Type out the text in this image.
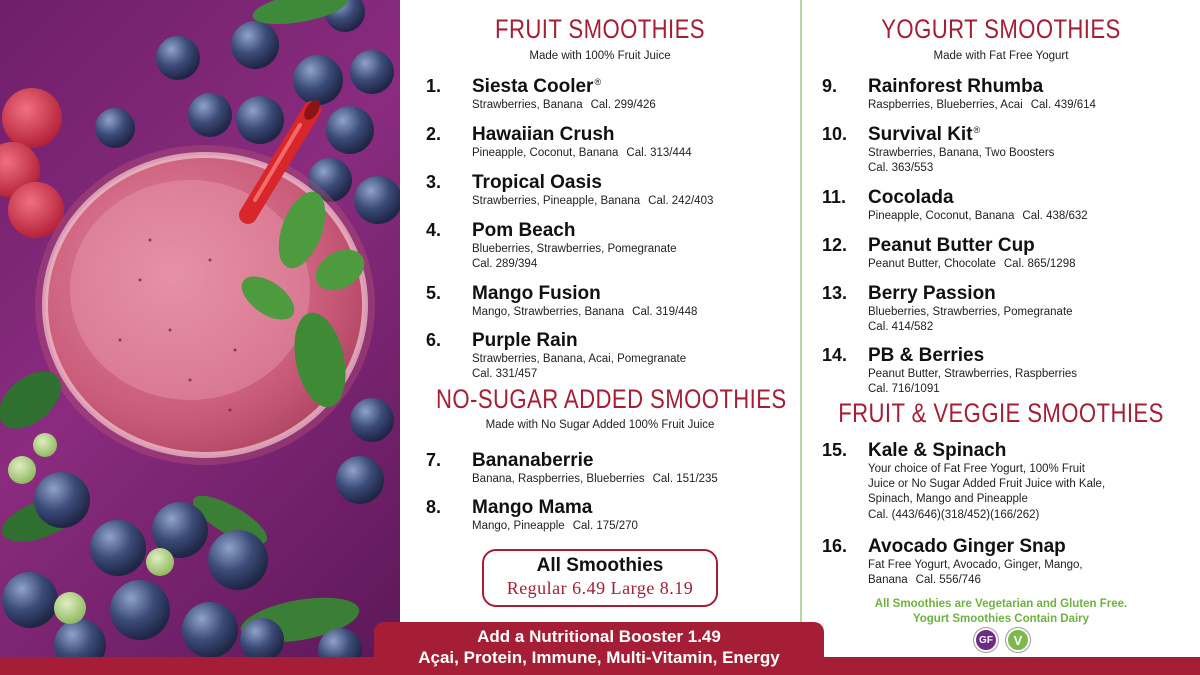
FRUIT SMOOTHIES
Made with 100% Fruit Juice
1. Siesta Cooler®
Strawberries, Banana Cal. 299/426
2. Hawaiian Crush
Pineapple, Coconut, Banana Cal. 313/444
3. Tropical Oasis
Strawberries, Pineapple, Banana Cal. 242/403
4. Pom Beach
Blueberries, Strawberries, Pomegranate
Cal. 289/394
5. Mango Fusion
Mango, Strawberries, Banana Cal. 319/448
6. Purple Rain
Strawberries, Banana, Acai, Pomegranate
Cal. 331/457
NO-SUGAR ADDED SMOOTHIES
Made with No Sugar Added 100% Fruit Juice
7. Bananaberrie
Banana, Raspberries, Blueberries Cal. 151/235
8. Mango Mama
Mango, Pineapple Cal. 175/270
All Smoothies
Regular 6.49 Large 8.19
YOGURT SMOOTHIES
Made with Fat Free Yogurt
9. Rainforest Rhumba
Raspberries, Blueberries, Acai Cal. 439/614
10. Survival Kit®
Strawberries, Banana, Two Boosters
Cal. 363/553
11. Cocolada
Pineapple, Coconut, Banana Cal. 438/632
12. Peanut Butter Cup
Peanut Butter, Chocolate Cal. 865/1298
13. Berry Passion
Blueberries, Strawberries, Pomegranate
Cal. 414/582
14. PB & Berries
Peanut Butter, Strawberries, Raspberries
Cal. 716/1091
FRUIT & VEGGIE SMOOTHIES
15. Kale & Spinach
Your choice of Fat Free Yogurt, 100% Fruit
Juice or No Sugar Added Fruit Juice with Kale,
Spinach, Mango and Pineapple
Cal. (443/646)(318/452)(166/262)
16. Avocado Ginger Snap
Fat Free Yogurt, Avocado, Ginger, Mango,
Banana Cal. 556/746
All Smoothies are Vegetarian and Gluten Free.
Yogurt Smoothies Contain Dairy
GF	V
Add a Nutritional Booster 1.49
Açai, Protein, Immune, Multi-Vitamin, Energy
